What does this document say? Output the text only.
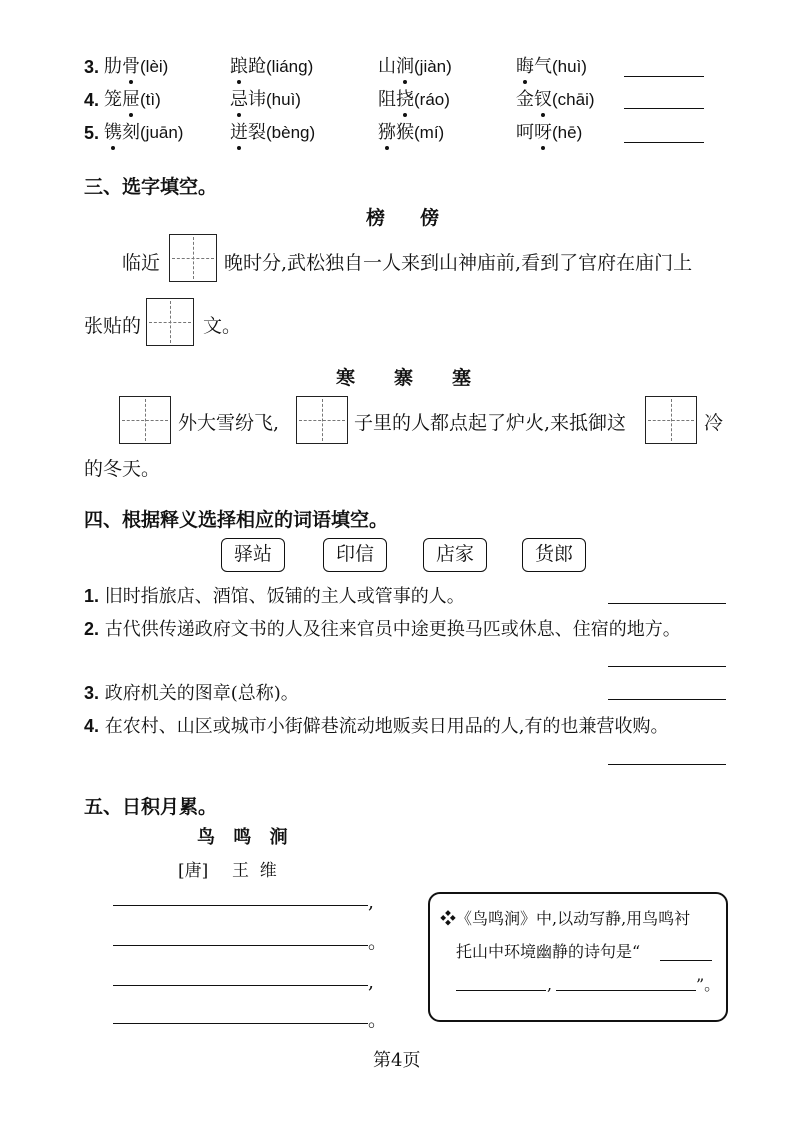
3. 肋骨(lèi)	踉跄(liáng)	山涧(jiàn)	晦气(huì)
4. 笼屉(tì)	忌讳(huì)	阻挠(ráo)	金钗(chāi)
5. 镌刻(juān)	迸裂(bèng)	猕猴(mí)	呵呀(hē)
三、选字填空。
榜 傍
临近	晚时分,武松独自一人来到山神庙前,看到了官府在庙门上
张贴的	文。
寒 寨 塞
外大雪纷飞,	子里的人都点起了炉火,来抵御这	冷
的冬天。
四、根据释义选择相应的词语填空。
驿站	印信	店家	货郎
1. 旧时指旅店、酒馆、饭铺的主人或管事的人。
2. 古代供传递政府文书的人及往来官员中途更换马匹或休息、住宿的地方。
3. 政府机关的图章(总称)。
4. 在农村、山区或城市小街僻巷流动地贩卖日用品的人,有的也兼营收购。
五、日积月累。
鸟 鸣 涧
[唐] 王  维
,
。
,
。
❖《鸟鸣涧》中,以动写静,用鸟鸣衬
托山中环境幽静的诗句是“
,	”。
第4页
